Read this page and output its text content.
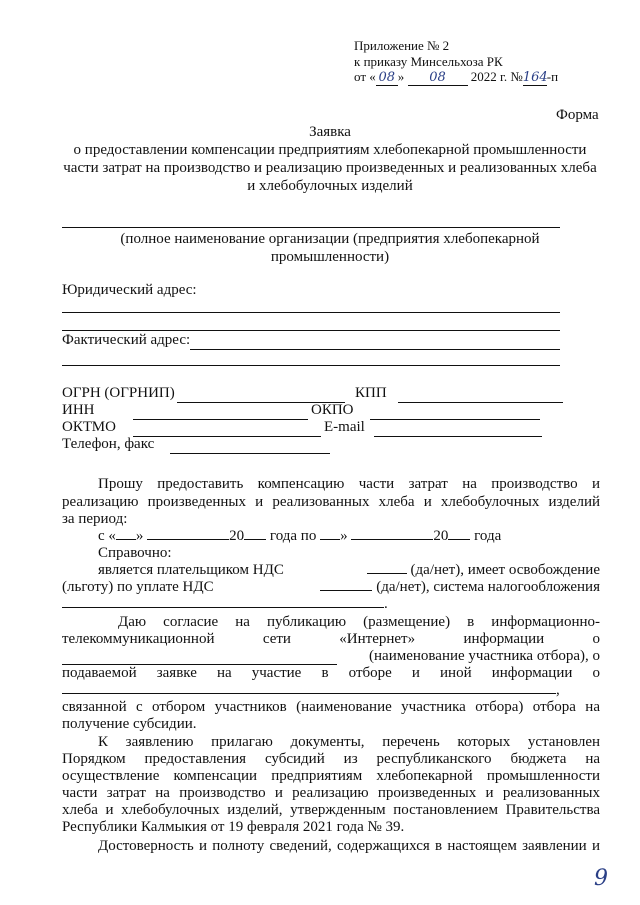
Приложение № 2
к приказу Минсельхоза РК
от « 08 » 08 2022 г. №164-п
Форма
Заявка
о предоставлении компенсации предприятиям хлебопекарной промышленности
части затрат на производство и реализацию произведенных и реализованных хлеба
и хлебобулочных изделий
(полное наименование организации (предприятия хлебопекарной
промышленности)
Юридический адрес:
Фактический адрес:
ОГРН (ОГРНИП)	КПП
ИНН	ОКПО
ОКТМО	E-mail
Телефон, факс
Прошу предоставить компенсацию части затрат на производство и
реализацию произведенных и реализованных хлеба и хлебобулочных изделий
за период:
с « »	20 года по »	20 года
Справочно:
является плательщиком НДС	(да/нет), имеет освобождение
(льготу) по уплате НДС	(да/нет), система налогообложения
.
Даю согласие на публикацию (размещение) в информационно-
телекоммуникационной сети «Интернет» информации о
(наименование участника отбора), о
подаваемой заявке на участие в отборе и иной информации о
,
связанной с отбором участников (наименование участника отбора) отбора на
получение субсидии.
К заявлению прилагаю документы, перечень которых установлен
Порядком предоставления субсидий из республиканского бюджета на
осуществление компенсации предприятиям хлебопекарной промышленности
части затрат на производство и реализацию произведенных и реализованных
хлеба и хлебобулочных изделий, утвержденным постановлением Правительства
Республики Калмыкия от 19 февраля 2021 года № 39.
Достоверность и полноту сведений, содержащихся в настоящем заявлении и
9
